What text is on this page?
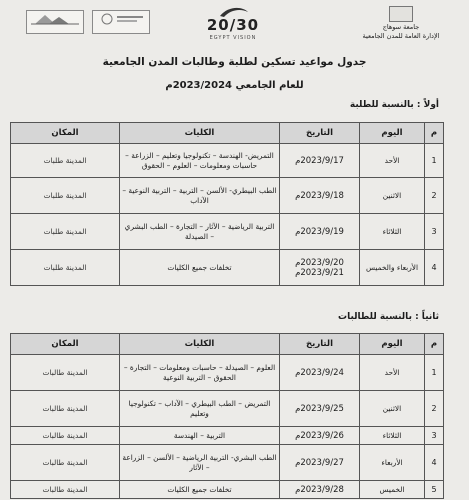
20/30
EGYPT VISION
جامعة سوهاج
الإدارة العامة للمدن الجامعية
جدول مواعيد تسكين لطلبة وطالبات المدن الجامعية
للعام الجامعي 2023/2024م
أولاً : بالنسبة للطلبة
م	اليوم	التاريخ	الكليات	المكان
1	الأحد	2023/9/17م	التمريض- الهندسة – تكنولوجيا وتعليم – الزراعة – حاسبات ومعلومات – العلوم – الحقوق	المدينة طلبات
2	الاثنين	2023/9/18م	الطب البيطري- الألسن – التربية – التربية النوعية – الآداب	المدينة طلبات
3	الثلاثاء	2023/9/19م	التربية الرياضية – الآثار – التجارة – الطب البشري – الصيدلة	المدينة طلبات
4	الأربعاء والخميس	2023/9/20م 2023/9/21م	تخلفات جميع الكليات	المدينة طلبات
ثانياً : بالنسبة للطالبات
م	اليوم	التاريخ	الكليات	المكان
1	الأحد	2023/9/24م	العلوم – الصيدلة – حاسبات ومعلومات – التجارة – الحقوق – التربية النوعية	المدينة طالبات
2	الاثنين	2023/9/25م	التمريض – الطب البيطري – الآداب – تكنولوجيا وتعليم	المدينة طالبات
3	الثلاثاء	2023/9/26م	التربية – الهندسة	المدينة طالبات
4	الأربعاء	2023/9/27م	الطب البشري- التربية الرياضية – الألسن – الزراعة – الآثار	المدينة طالبات
5	الخميس	2023/9/28م	تخلفات جميع الكليات	المدينة طالبات
